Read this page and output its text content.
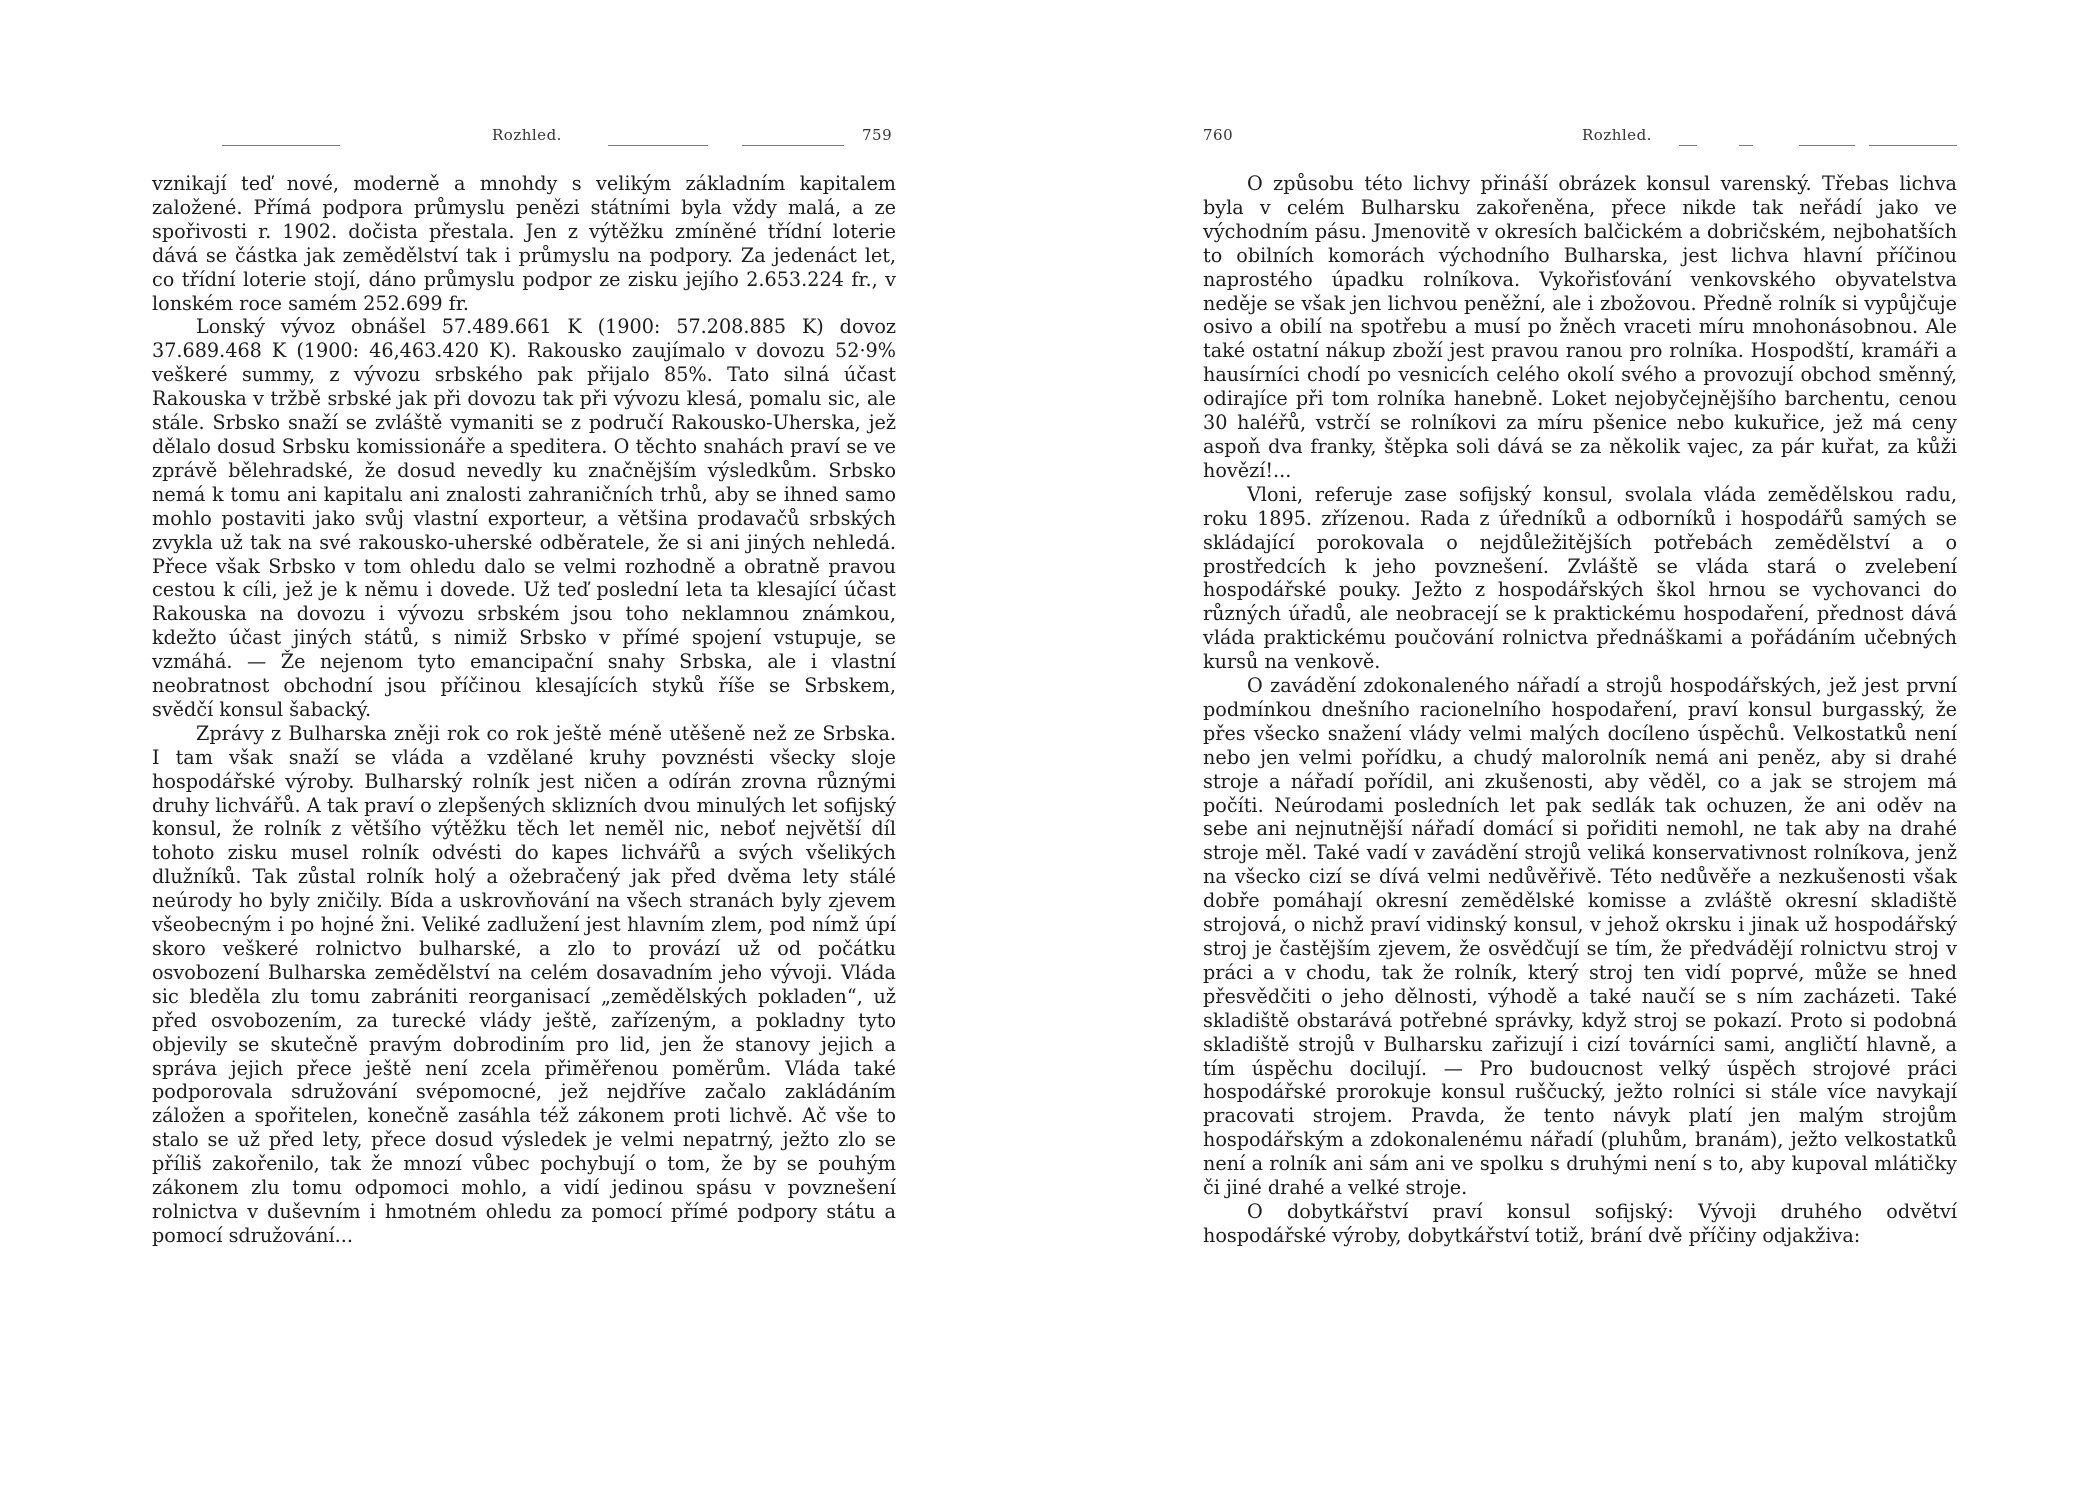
Rozhled.	759

vznikají teď nové, moderně a mnohdy s velikým základním kapitalem založené. Přímá podpora průmyslu penězi státními byla vždy malá, a ze spořivosti r. 1902. dočista přestala. Jen z výtěžku zmíněné třídní loterie dává se částka jak zemědělství tak i průmyslu na podpory. Za jedenáct let, co třídní loterie stojí, dáno průmyslu podpor ze zisku jejího 2.653.224 fr., v lonském roce samém 252.699 fr.

Lonský vývoz obnášel 57.489.661 K (1900: 57.208.885 K) dovoz 37.689.468 K (1900: 46,463.420 K). Rakousko zaujímalo v dovozu 52·9% veškeré summy, z vývozu srbského pak přijalo 85%. Tato silná účast Rakouska v tržbě srbské jak při dovozu tak při vývozu klesá, pomalu sic, ale stále. Srbsko snaží se zvláště vymaniti se z područí Rakousko-Uherska, jež dělalo dosud Srbsku komissionáře a speditera. O těchto snahách praví se ve zprávě bělehradské, že dosud nevedly ku značnějším výsledkům. Srbsko nemá k tomu ani kapitalu ani znalosti zahraničních trhů, aby se ihned samo mohlo postaviti jako svůj vlastní exporteur, a většina prodavačů srbských zvykla už tak na své rakousko-uherské odběratele, že si ani jiných nehledá. Přece však Srbsko v tom ohledu dalo se velmi rozhodně a obratně pravou cestou k cíli, jež je k němu i dovede. Už teď poslední leta ta klesající účast Rakouska na dovozu i vývozu srbském jsou toho neklamnou známkou, kdežto účast jiných států, s nimiž Srbsko v přímé spojení vstupuje, se vzmáhá. — Že nejenom tyto emancipační snahy Srbska, ale i vlastní neobratnost obchodní jsou příčinou klesajících styků říše se Srbskem, svědčí konsul šabacký.

Zprávy z Bulharska zněji rok co rok ještě méně utěšeně než ze Srbska. I tam však snaží se vláda a vzdělané kruhy povznésti všecky sloje hospodářské výroby. Bulharský rolník jest ničen a odírán zrovna různými druhy lichvářů. A tak praví o zlepšených sklizních dvou minulých let sofijský konsul, že rolník z většího výtěžku těch let neměl nic, neboť největší díl tohoto zisku musel rolník odvésti do kapes lichvářů a svých všelikých dlužníků. Tak zůstal rolník holý a ožebračený jak před dvěma lety stálé neúrody ho byly zničily. Bída a uskrovňování na všech stranách byly zjevem všeobecným i po hojné žni. Veliké zadlužení jest hlavním zlem, pod nímž úpí skoro veškeré rolnictvo bulharské, a zlo to provází už od počátku osvobození Bulharska zemědělství na celém dosavadním jeho vývoji. Vláda sic bleděla zlu tomu zabrániti reorganisací „zemědělských pokladen“, už před osvobozením, za turecké vlády ještě, zařízeným, a pokladny tyto objevily se skutečně pravým dobrodiním pro lid, jen že stanovy jejich a správa jejich přece ještě není zcela přiměřenou poměrům. Vláda také podporovala sdružování svépomocné, jež nejdříve začalo zakládáním záložen a spořitelen, konečně zasáhla též zákonem proti lichvě. Ač vše to stalo se už před lety, přece dosud výsledek je velmi nepatrný, ježto zlo se příliš zakořenilo, tak že mnozí vůbec pochybují o tom, že by se pouhým zákonem zlu tomu odpomoci mohlo, a vidí jedinou spásu v povznešení rolnictva v duševním i hmotném ohledu za pomocí přímé podpory státu a pomocí sdružování...

760	Rozhled.

O způsobu této lichvy přináší obrázek konsul varenský. Třebas lichva byla v celém Bulharsku zakořeněna, přece nikde tak neřádí jako ve východním pásu. Jmenovitě v okresích balčickém a dobričském, nejbohatších to obilních komorách východního Bulharska, jest lichva hlavní příčinou naprostého úpadku rolníkova. Vykořisťování venkovského obyvatelstva neděje se však jen lichvou peněžní, ale i zbožovou. Předně rolník si vypůjčuje osivo a obilí na spotřebu a musí po žněch vraceti míru mnohonásobnou. Ale také ostatní nákup zboží jest pravou ranou pro rolníka. Hospodští, kramáři a hausírníci chodí po vesnicích celého okolí svého a provozují obchod směnný, odirajíce při tom rolníka hanebně. Loket nejobyčejnějšího barchentu, cenou 30 haléřů, vstrčí se rolníkovi za míru pšenice nebo kukuřice, jež má ceny aspoň dva franky, štěpka soli dává se za několik vajec, za pár kuřat, za kůži hovězí!...

Vloni, referuje zase sofijský konsul, svolala vláda zemědělskou radu, roku 1895. zřízenou. Rada z úředníků a odborníků i hospodářů samých se skládající porokovala o nejdůležitějších potřebách zemědělství a o prostředcích k jeho povznešení. Zvláště se vláda stará o zvelebení hospodářské pouky. Ježto z hospodářských škol hrnou se vychovanci do různých úřadů, ale neobracejí se k praktickému hospodaření, přednost dává vláda praktickému poučování rolnictva přednáškami a pořádáním učebných kursů na venkově.

O zavádění zdokonaleného nářadí a strojů hospodářských, jež jest první podmínkou dnešního racionelního hospodaření, praví konsul burgasský, že přes všecko snažení vlády velmi malých docíleno úspěchů. Velkostatků není nebo jen velmi pořídku, a chudý malorolník nemá ani peněz, aby si drahé stroje a nářadí pořídil, ani zkušenosti, aby věděl, co a jak se strojem má počíti. Neúrodami posledních let pak sedlák tak ochuzen, že ani oděv na sebe ani nejnutnější nářadí domácí si pořiditi nemohl, ne tak aby na drahé stroje měl. Také vadí v zavádění strojů veliká konservativnost rolníkova, jenž na všecko cizí se dívá velmi nedůvěřivě. Této nedůvěře a nezkušenosti však dobře pomáhají okresní zemědělské komisse a zvláště okresní skladiště strojová, o nichž praví vidinský konsul, v jehož okrsku i jinak už hospodářský stroj je častějším zjevem, že osvědčují se tím, že předvádějí rolnictvu stroj v práci a v chodu, tak že rolník, který stroj ten vidí poprvé, může se hned přesvědčiti o jeho dělnosti, výhodě a také naučí se s ním zacházeti. Také skladiště obstarává potřebné správky, když stroj se pokazí. Proto si podobná skladiště strojů v Bulharsku zařizují i cizí továrníci sami, angličtí hlavně, a tím úspěchu docilují. — Pro budoucnost velký úspěch strojové práci hospodářské prorokuje konsul ruščucký, ježto rolníci si stále více navykají pracovati strojem. Pravda, že tento návyk platí jen malým strojům hospodářským a zdokonalenému nářadí (pluhům, branám), ježto velkostatků není a rolník ani sám ani ve spolku s druhými není s to, aby kupoval mlátičky či jiné drahé a velké stroje.

O dobytkářství praví konsul sofijský: Vývoji druhého odvětví hospodářské výroby, dobytkářství totiž, brání dvě příčiny odjakživa:
